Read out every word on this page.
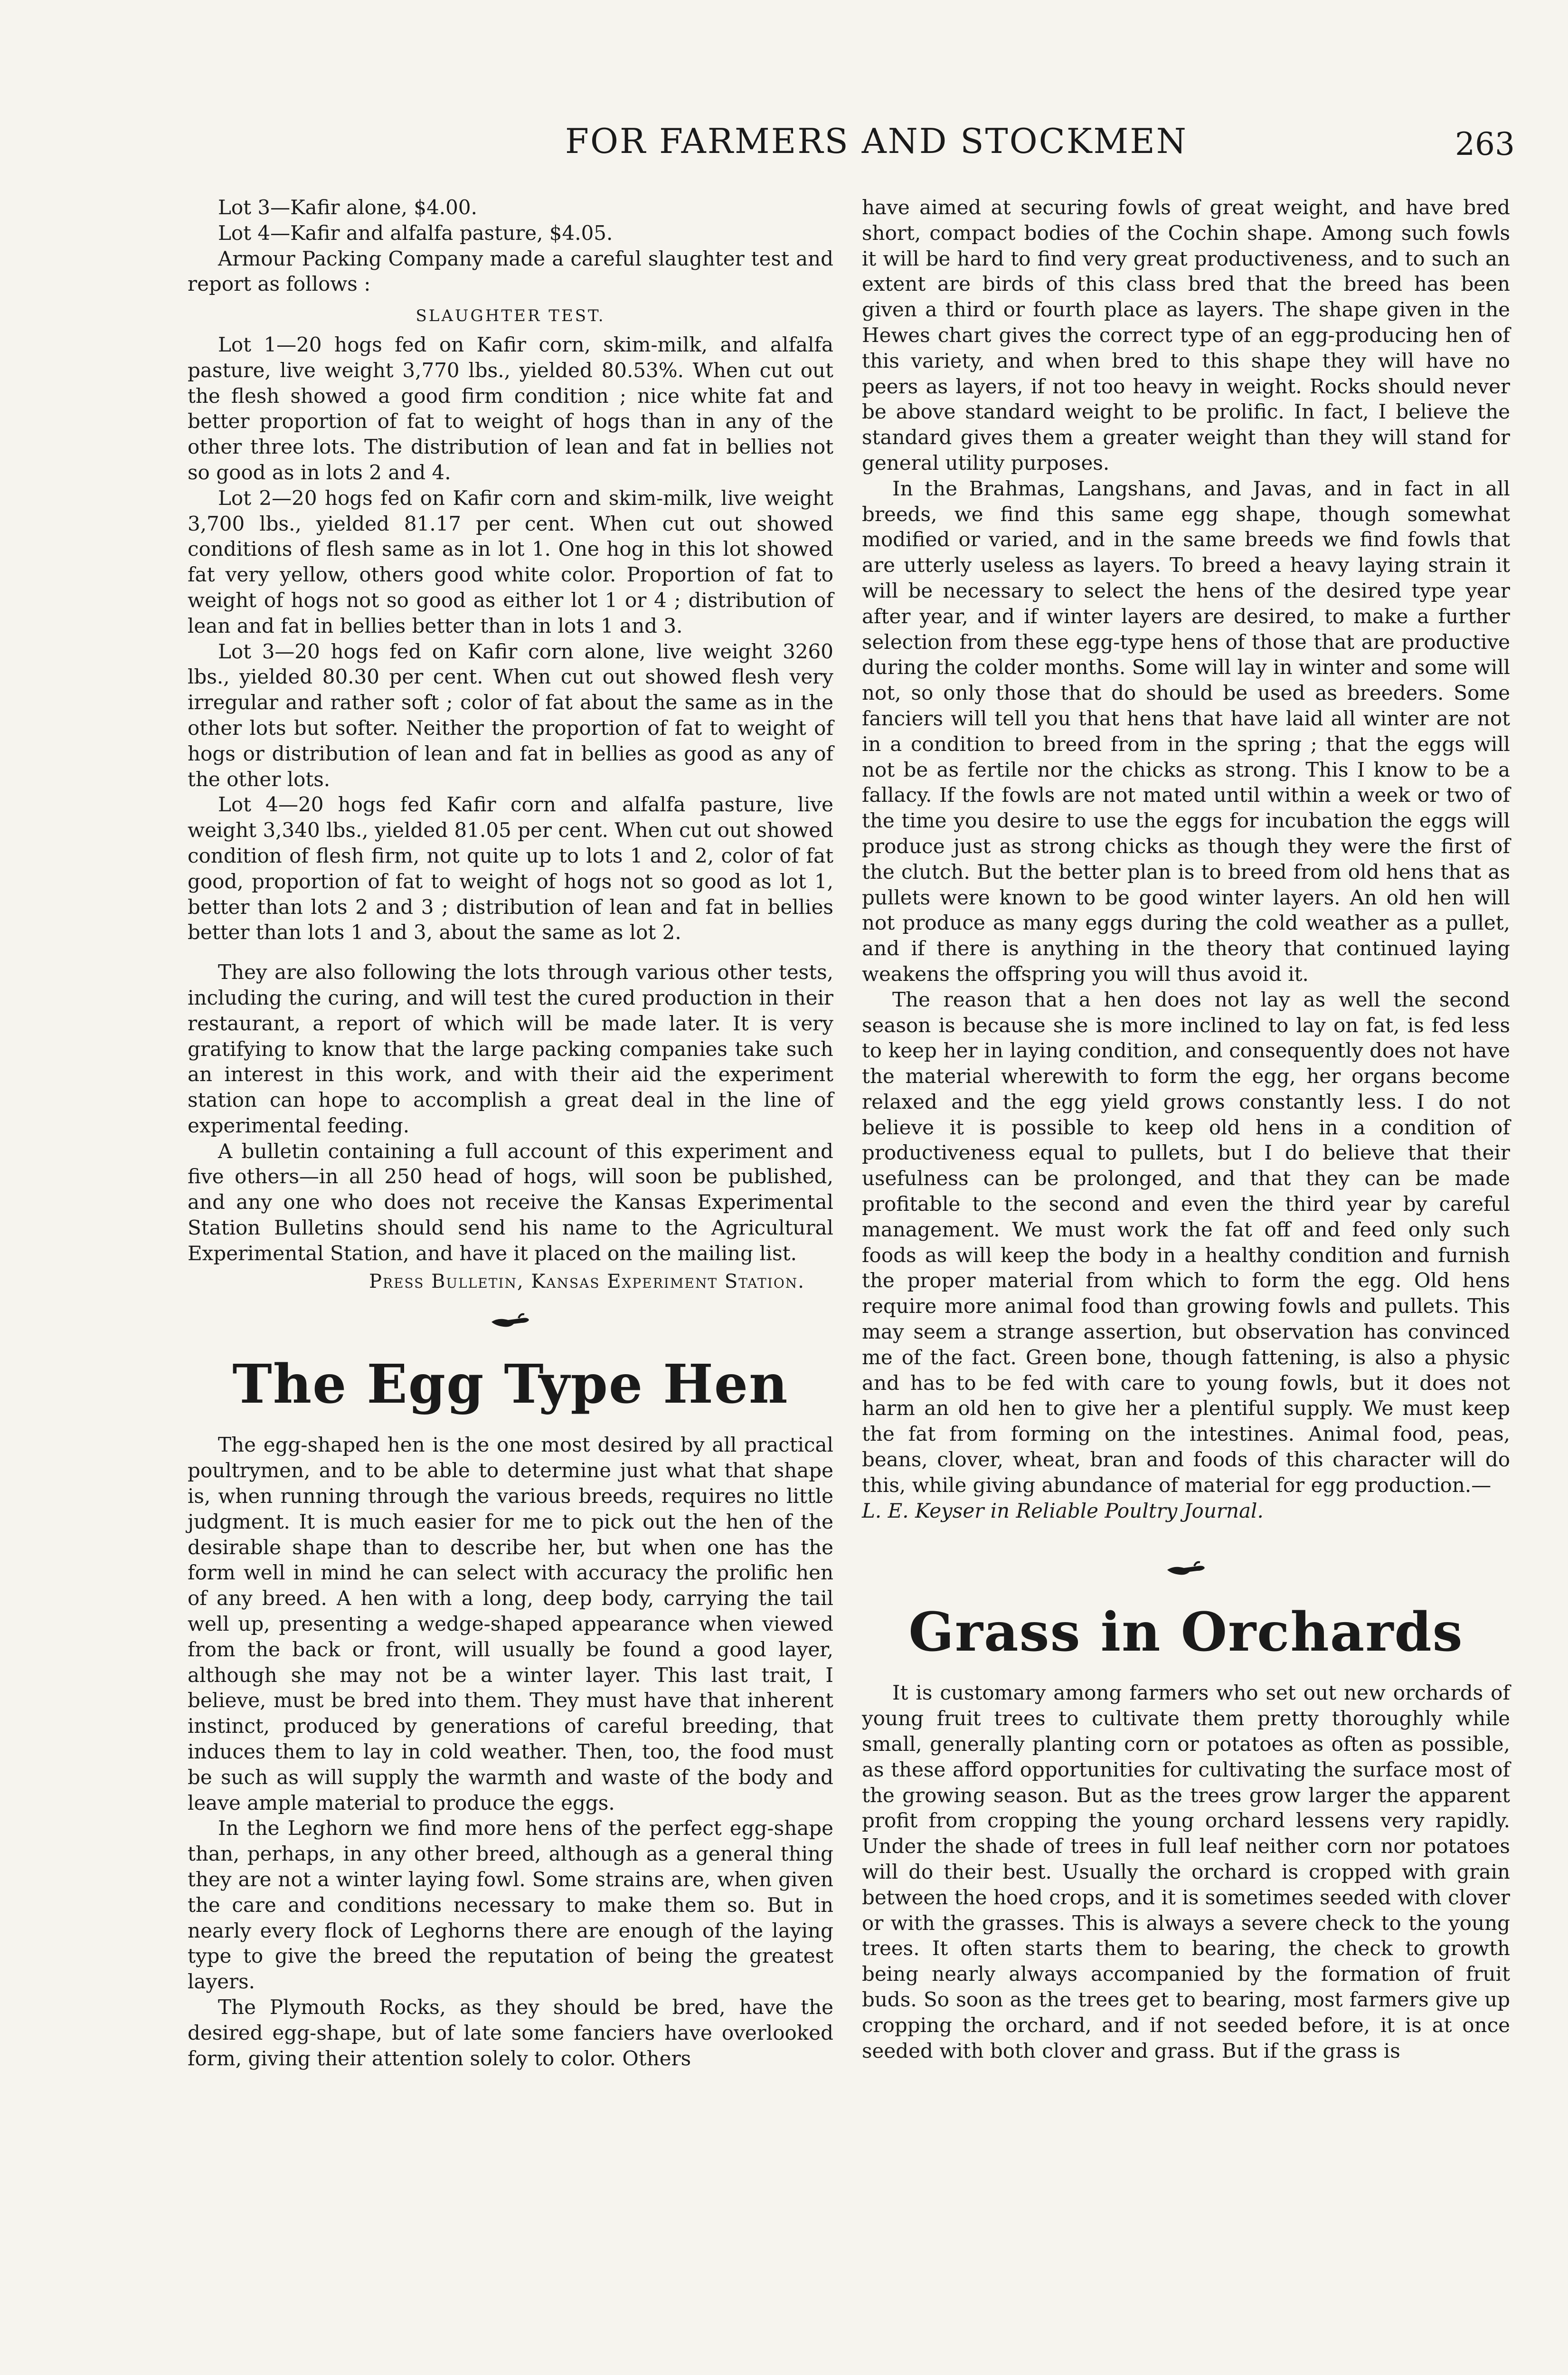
FOR FARMERS AND STOCKMEN	263

Lot 3—Kafir alone, $4.00.

Lot 4—Kafir and alfalfa pasture, $4.05.

Armour Packing Company made a careful slaughter test and report as follows :

SLAUGHTER TEST.

Lot 1—20 hogs fed on Kafir corn, skim-milk, and alfalfa pasture, live weight 3,770 lbs., yielded 80.53%. When cut out the flesh showed a good firm condition ; nice white fat and better proportion of fat to weight of hogs than in any of the other three lots. The distribution of lean and fat in bellies not so good as in lots 2 and 4.

Lot 2—20 hogs fed on Kafir corn and skim-milk, live weight 3,700 lbs., yielded 81.17 per cent. When cut out showed conditions of flesh same as in lot 1. One hog in this lot showed fat very yellow, others good white color. Proportion of fat to weight of hogs not so good as either lot 1 or 4 ; distribution of lean and fat in bellies better than in lots 1 and 3.

Lot 3—20 hogs fed on Kafir corn alone, live weight 3260 lbs., yielded 80.30 per cent. When cut out showed flesh very irregular and rather soft ; color of fat about the same as in the other lots but softer. Neither the proportion of fat to weight of hogs or distribution of lean and fat in bellies as good as any of the other lots.

Lot 4—20 hogs fed Kafir corn and alfalfa pasture, live weight 3,340 lbs., yielded 81.05 per cent. When cut out showed condition of flesh firm, not quite up to lots 1 and 2, color of fat good, proportion of fat to weight of hogs not so good as lot 1, better than lots 2 and 3 ; distribution of lean and fat in bellies better than lots 1 and 3, about the same as lot 2.

They are also following the lots through various other tests, including the curing, and will test the cured production in their restaurant, a report of which will be made later. It is very gratifying to know that the large packing companies take such an interest in this work, and with their aid the experiment station can hope to accomplish a great deal in the line of experimental feeding.

A bulletin containing a full account of this experiment and five others—in all 250 head of hogs, will soon be published, and any one who does not receive the Kansas Experimental Station Bulletins should send his name to the Agricultural Experimental Station, and have it placed on the mailing list.

Press Bulletin, Kansas Experiment Station.
The Egg Type Hen

The egg-shaped hen is the one most desired by all practical poultrymen, and to be able to determine just what that shape is, when running through the various breeds, requires no little judgment. It is much easier for me to pick out the hen of the desirable shape than to describe her, but when one has the form well in mind he can select with accuracy the prolific hen of any breed. A hen with a long, deep body, carrying the tail well up, presenting a wedge-shaped appearance when viewed from the back or front, will usually be found a good layer, although she may not be a winter layer. This last trait, I believe, must be bred into them. They must have that inherent instinct, produced by generations of careful breeding, that induces them to lay in cold weather. Then, too, the food must be such as will supply the warmth and waste of the body and leave ample material to produce the eggs.

In the Leghorn we find more hens of the perfect egg-shape than, perhaps, in any other breed, although as a general thing they are not a winter laying fowl. Some strains are, when given the care and conditions necessary to make them so. But in nearly every flock of Leghorns there are enough of the laying type to give the breed the reputation of being the greatest layers.

The Plymouth Rocks, as they should be bred, have the desired egg-shape, but of late some fanciers have overlooked form, giving their attention solely to color. Others

have aimed at securing fowls of great weight, and have bred short, compact bodies of the Cochin shape. Among such fowls it will be hard to find very great productiveness, and to such an extent are birds of this class bred that the breed has been given a third or fourth place as layers. The shape given in the Hewes chart gives the correct type of an egg-producing hen of this variety, and when bred to this shape they will have no peers as layers, if not too heavy in weight. Rocks should never be above standard weight to be prolific. In fact, I believe the standard gives them a greater weight than they will stand for general utility purposes.

In the Brahmas, Langshans, and Javas, and in fact in all breeds, we find this same egg shape, though somewhat modified or varied, and in the same breeds we find fowls that are utterly useless as layers. To breed a heavy laying strain it will be necessary to select the hens of the desired type year after year, and if winter layers are desired, to make a further selection from these egg-type hens of those that are productive during the colder months. Some will lay in winter and some will not, so only those that do should be used as breeders. Some fanciers will tell you that hens that have laid all winter are not in a condition to breed from in the spring ; that the eggs will not be as fertile nor the chicks as strong. This I know to be a fallacy. If the fowls are not mated until within a week or two of the time you desire to use the eggs for incubation the eggs will produce just as strong chicks as though they were the first of the clutch. But the better plan is to breed from old hens that as pullets were known to be good winter layers. An old hen will not produce as many eggs during the cold weather as a pullet, and if there is anything in the theory that continued laying weakens the offspring you will thus avoid it.

The reason that a hen does not lay as well the second season is because she is more inclined to lay on fat, is fed less to keep her in laying condition, and consequently does not have the material wherewith to form the egg, her organs become relaxed and the egg yield grows constantly less. I do not believe it is possible to keep old hens in a condition of productiveness equal to pullets, but I do believe that their usefulness can be prolonged, and that they can be made profitable to the second and even the third year by careful management. We must work the fat off and feed only such foods as will keep the body in a healthy condition and furnish the proper material from which to form the egg. Old hens require more animal food than growing fowls and pullets. This may seem a strange assertion, but observation has convinced me of the fact. Green bone, though fattening, is also a physic and has to be fed with care to young fowls, but it does not harm an old hen to give her a plentiful supply. We must keep the fat from forming on the intestines. Animal food, peas, beans, clover, wheat, bran and foods of this character will do this, while giving abundance of material for egg production.—

L. E. Keyser in Reliable Poultry Journal.

Grass in Orchards

It is customary among farmers who set out new orchards of young fruit trees to cultivate them pretty thoroughly while small, generally planting corn or potatoes as often as possible, as these afford opportunities for cultivating the surface most of the growing season. But as the trees grow larger the apparent profit from cropping the young orchard lessens very rapidly. Under the shade of trees in full leaf neither corn nor potatoes will do their best. Usually the orchard is cropped with grain between the hoed crops, and it is sometimes seeded with clover or with the grasses. This is always a severe check to the young trees. It often starts them to bearing, the check to growth being nearly always accompanied by the formation of fruit buds. So soon as the trees get to bearing, most farmers give up cropping the orchard, and if not seeded before, it is at once seeded with both clover and grass. But if the grass is
